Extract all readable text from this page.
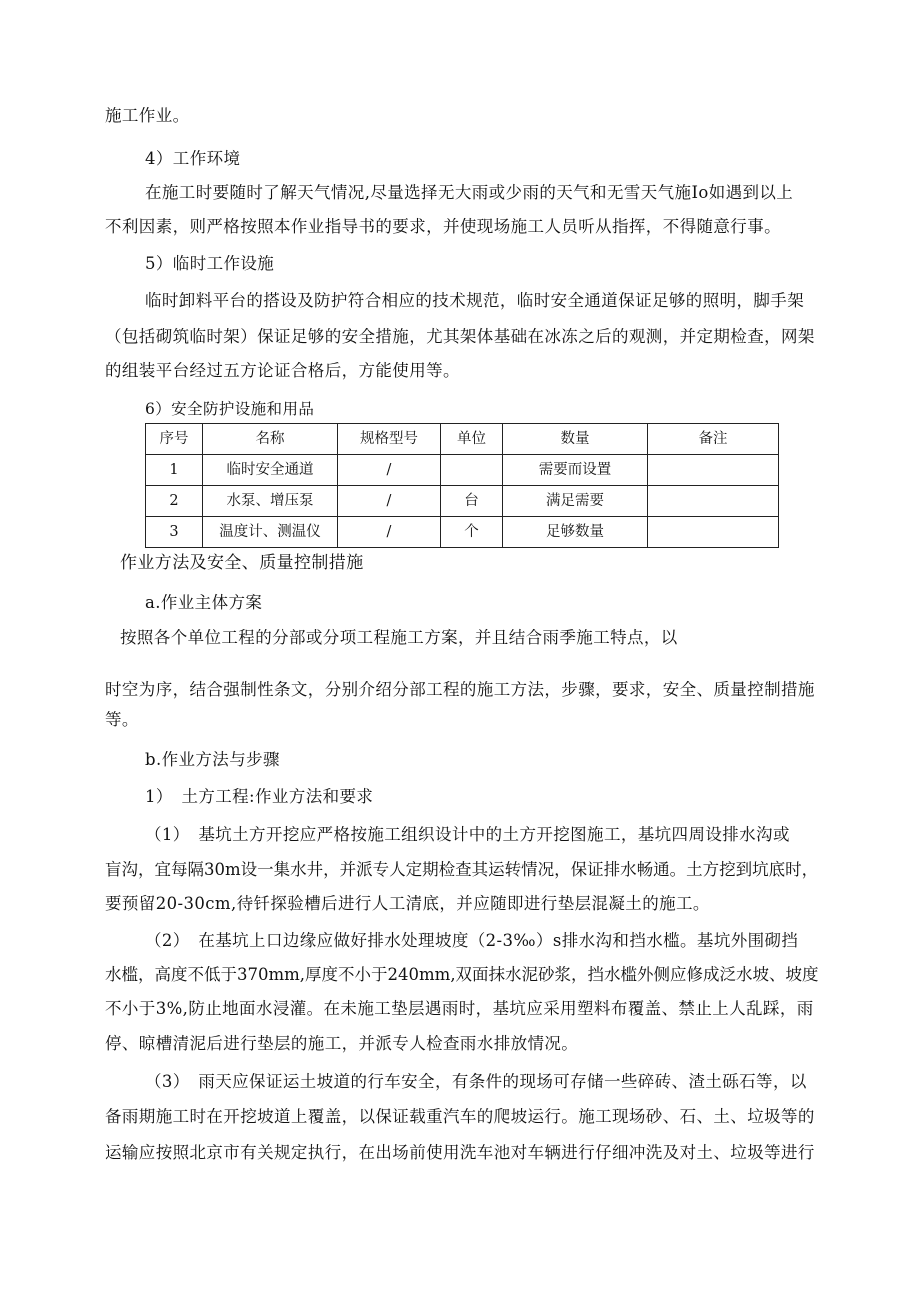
施工作业。
4）工作环境
在施工时要随时了解天气情况,尽量选择无大雨或少雨的天气和无雪天气施Io如遇到以上
不利因素，则严格按照本作业指导书的要求，并使现场施工人员听从指挥，不得随意行事。
5）临时工作设施
临时卸料平台的搭设及防护符合相应的技术规范，临时安全通道保证足够的照明，脚手架
（包括砌筑临时架）保证足够的安全措施，尤其架体基础在冰冻之后的观测，并定期检查，网架
的组装平台经过五方论证合格后，方能使用等。
6）安全防护设施和用品
序号	名称	规格型号	单位	数量	备注
1	临时安全通道	/		需要而设置	
2	水泵、增压泵	/	台	满足需要	
3	温度计、测温仪	/	个	足够数量	
作业方法及安全、质量控制措施
a.作业主体方案
按照各个单位工程的分部或分项工程施工方案，并且结合雨季施工特点，以
时空为序，结合强制性条文，分别介绍分部工程的施工方法，步骤，要求，安全、质量控制措施
等。
b.作业方法与步骤
1）　土方工程:作业方法和要求
（1）　基坑土方开挖应严格按施工组织设计中的土方开挖图施工，基坑四周设排水沟或
盲沟，宜每隔30m设一集水井，并派专人定期检查其运转情况，保证排水畅通。土方挖到坑底时，
要预留20-30cm,待钎探验槽后进行人工清底，并应随即进行垫层混凝土的施工。
（2）　在基坑上口边缘应做好排水处理坡度（2-3‰）s排水沟和挡水槛。基坑外围砌挡
水槛，高度不低于370mm,厚度不小于240mm,双面抹水泥砂浆，挡水槛外侧应修成泛水坡、坡度
不小于3%,防止地面水浸灌。在未施工垫层遇雨时，基坑应采用塑料布覆盖、禁止上人乱踩，雨
停、晾槽清泥后进行垫层的施工，并派专人检查雨水排放情况。
（3）　雨天应保证运土坡道的行车安全，有条件的现场可存储一些碎砖、渣土砾石等，以
备雨期施工时在开挖坡道上覆盖，以保证载重汽车的爬坡运行。施工现场砂、石、土、垃圾等的
运输应按照北京市有关规定执行，在出场前使用洗车池对车辆进行仔细冲洗及对土、垃圾等进行
